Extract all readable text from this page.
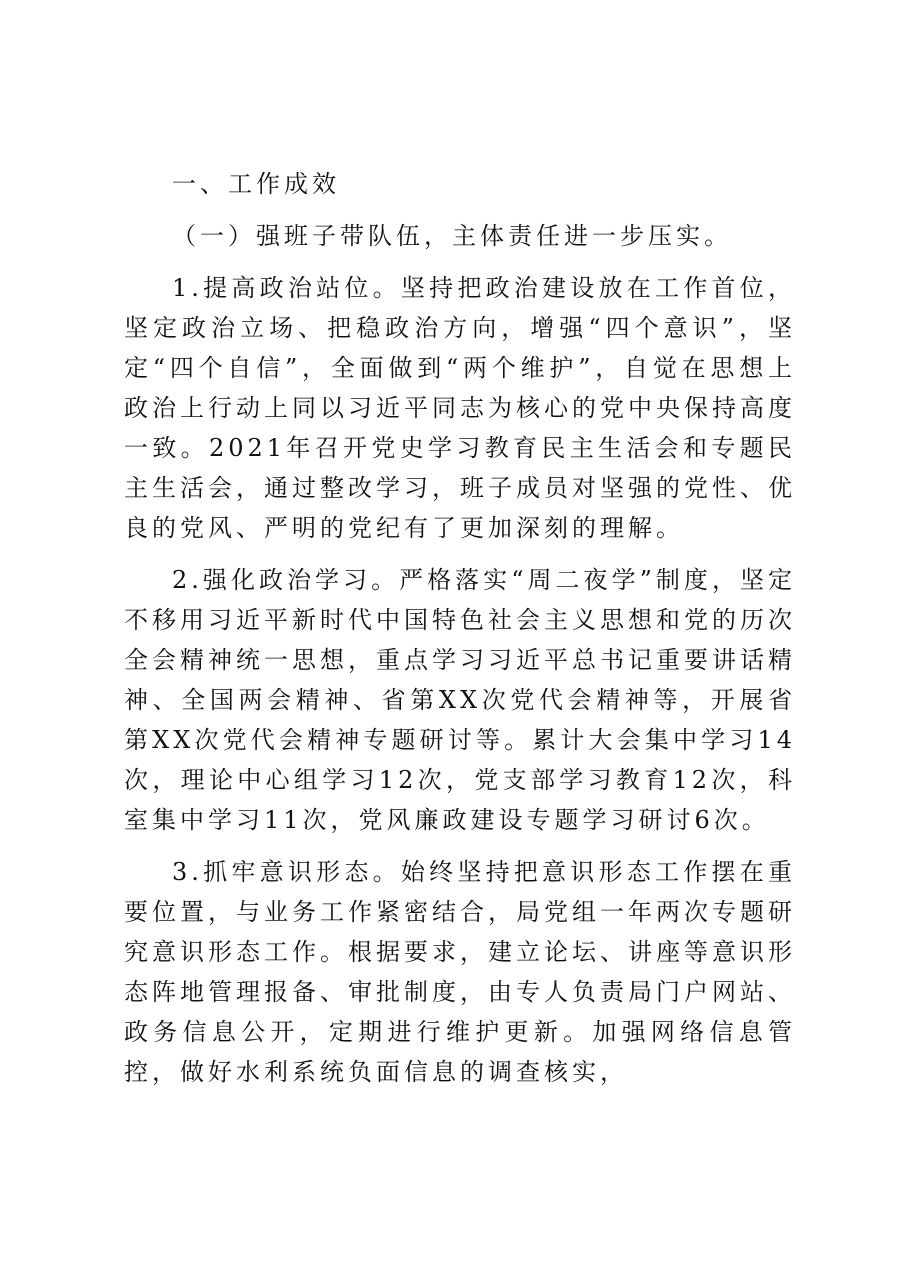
一、工作成效

（一）强班子带队伍，主体责任进一步压实。

1.提高政治站位。坚持把政治建设放在工作首位，坚定政治立场、把稳政治方向，增强“四个意识”，坚定“四个自信”，全面做到“两个维护”，自觉在思想上政治上行动上同以习近平同志为核心的党中央保持高度一致。2021年召开党史学习教育民主生活会和专题民主生活会，通过整改学习，班子成员对坚强的党性、优良的党风、严明的党纪有了更加深刻的理解。

2.强化政治学习。严格落实“周二夜学”制度，坚定不移用习近平新时代中国特色社会主义思想和党的历次全会精神统一思想，重点学习习近平总书记重要讲话精神、全国两会精神、省第XX次党代会精神等，开展省第XX次党代会精神专题研讨等。累计大会集中学习14次，理论中心组学习12次，党支部学习教育12次，科室集中学习11次，党风廉政建设专题学习研讨6次。

3.抓牢意识形态。始终坚持把意识形态工作摆在重要位置，与业务工作紧密结合，局党组一年两次专题研究意识形态工作。根据要求，建立论坛、讲座等意识形态阵地管理报备、审批制度，由专人负责局门户网站、政务信息公开，定期进行维护更新。加强网络信息管控，做好水利系统负面信息的调查核实，
